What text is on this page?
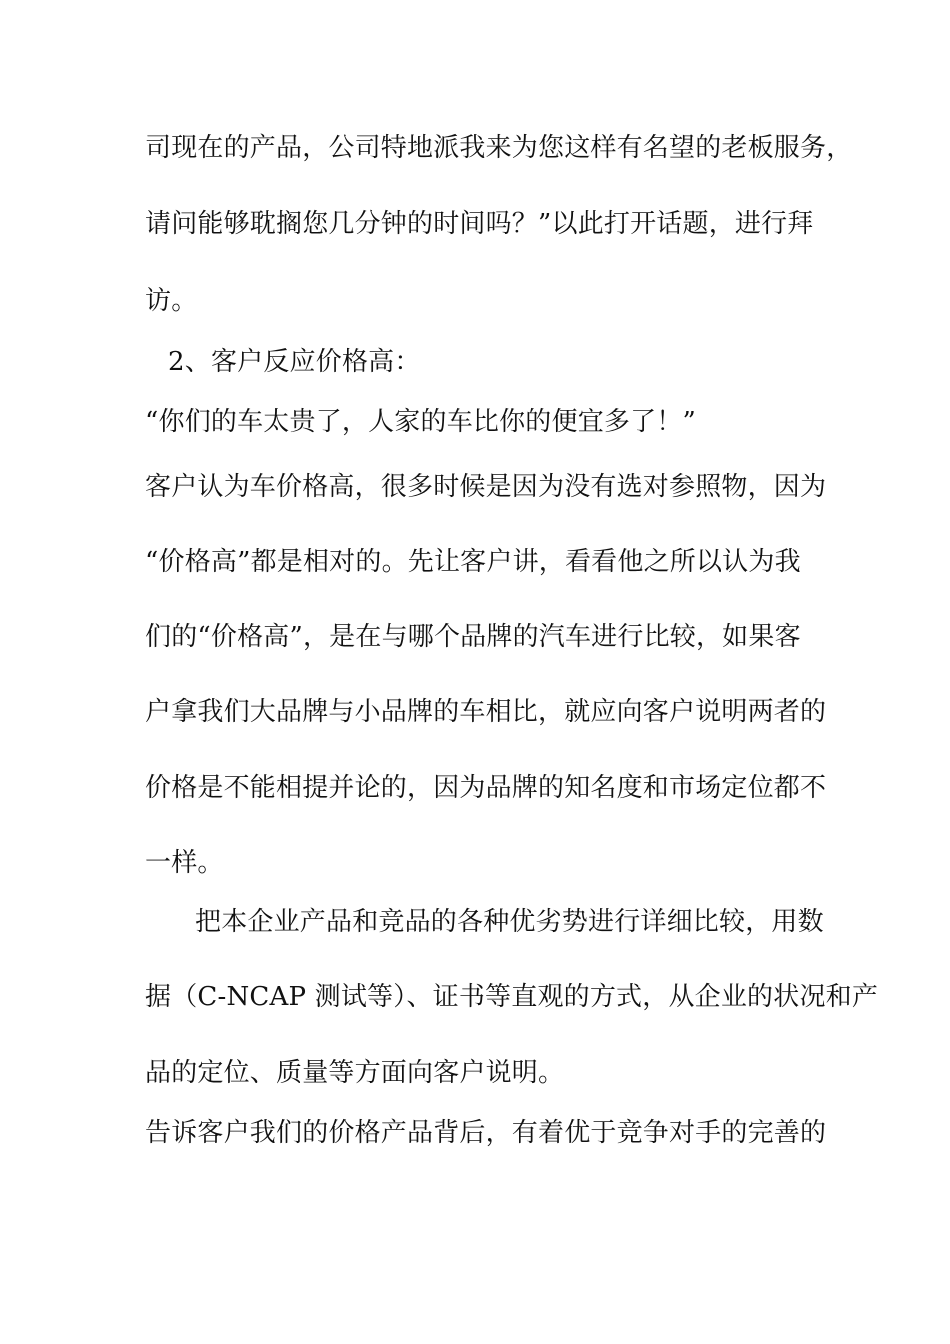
司现在的产品，公司特地派我来为您这样有名望的老板服务，
请问能够耽搁您几分钟的时间吗？”以此打开话题，进行拜
访。
2、客户反应价格高：
“你们的车太贵了，人家的车比你的便宜多了！”
客户认为车价格高，很多时候是因为没有选对参照物，因为
“价格高”都是相对的。先让客户讲，看看他之所以认为我
们的“价格高”，是在与哪个品牌的汽车进行比较，如果客
户拿我们大品牌与小品牌的车相比，就应向客户说明两者的
价格是不能相提并论的，因为品牌的知名度和市场定位都不
一样。
把本企业产品和竞品的各种优劣势进行详细比较，用数
据（C-NCAP 测试等）、证书等直观的方式，从企业的状况和产
品的定位、质量等方面向客户说明。
告诉客户我们的价格产品背后，有着优于竞争对手的完善的
